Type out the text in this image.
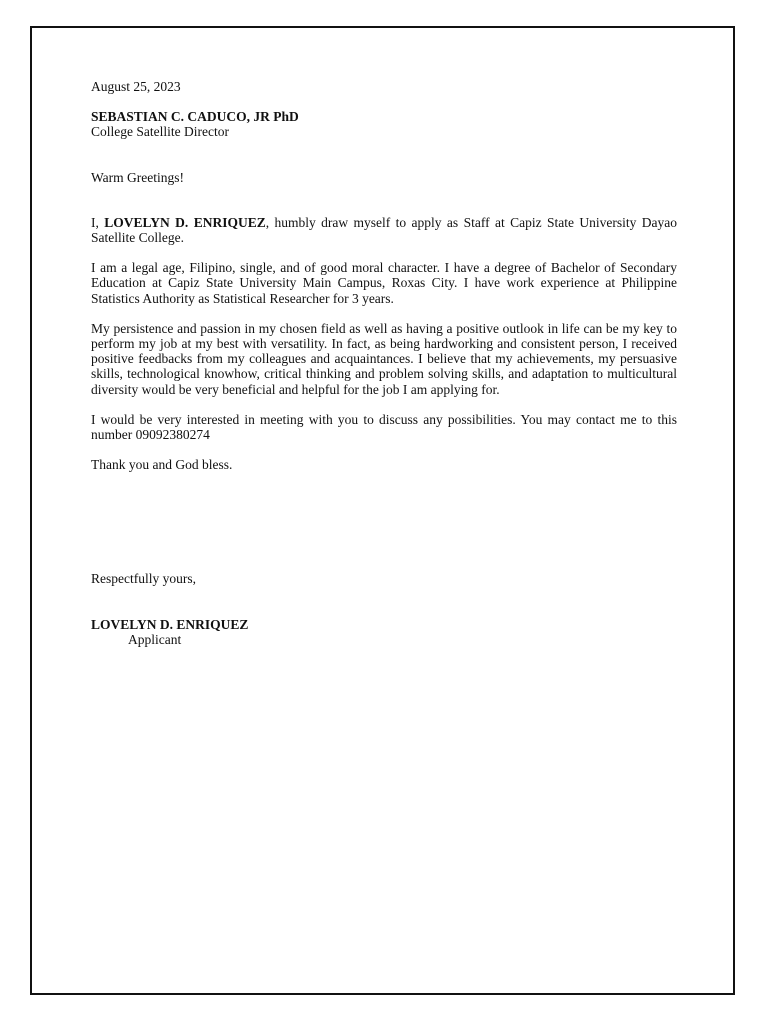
August 25, 2023

SEBASTIAN C. CADUCO, JR PhD

College Satellite Director

Warm Greetings!

I, LOVELYN D. ENRIQUEZ, humbly draw myself to apply as Staff at Capiz State University Dayao Satellite College.

I am a legal age, Filipino, single, and of good moral character. I have a degree of Bachelor of Secondary Education at Capiz State University Main Campus, Roxas City. I have work experience at Philippine Statistics Authority as Statistical Researcher for 3 years.

My persistence and passion in my chosen field as well as having a positive outlook in life can be my key to perform my job at my best with versatility. In fact, as being hardworking and consistent person, I received positive feedbacks from my colleagues and acquaintances. I believe that my achievements, my persuasive skills, technological knowhow, critical thinking and problem solving skills, and adaptation to multicultural diversity would be very beneficial and helpful for the job I am applying for.

I would be very interested in meeting with you to discuss any possibilities. You may contact me to this number 09092380274

Thank you and God bless.

Respectfully yours,

LOVELYN D. ENRIQUEZ

Applicant
